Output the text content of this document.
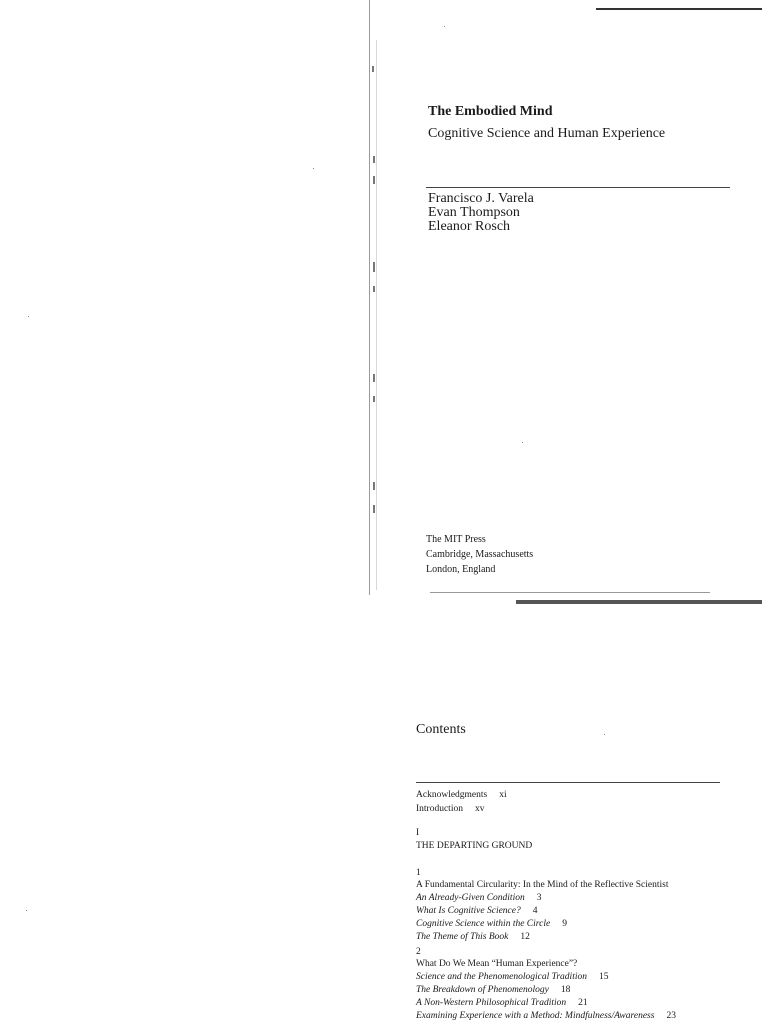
The Embodied Mind
Cognitive Science and Human Experience
Francisco J. Varela
Evan Thompson
Eleanor Rosch
The MIT Press
Cambridge, Massachusetts
London, England
Contents
Acknowledgments xi
Introduction xv
I
THE DEPARTING GROUND
1
A Fundamental Circularity: In the Mind of the Reflective Scientist
An Already-Given Condition 3
What Is Cognitive Science? 4
Cognitive Science within the Circle 9
The Theme of This Book 12
2
What Do We Mean “Human Experience”?
Science and the Phenomenological Tradition 15
The Breakdown of Phenomenology 18
A Non-Western Philosophical Tradition 21
Examining Experience with a Method: Mindfulness/Awareness 23
